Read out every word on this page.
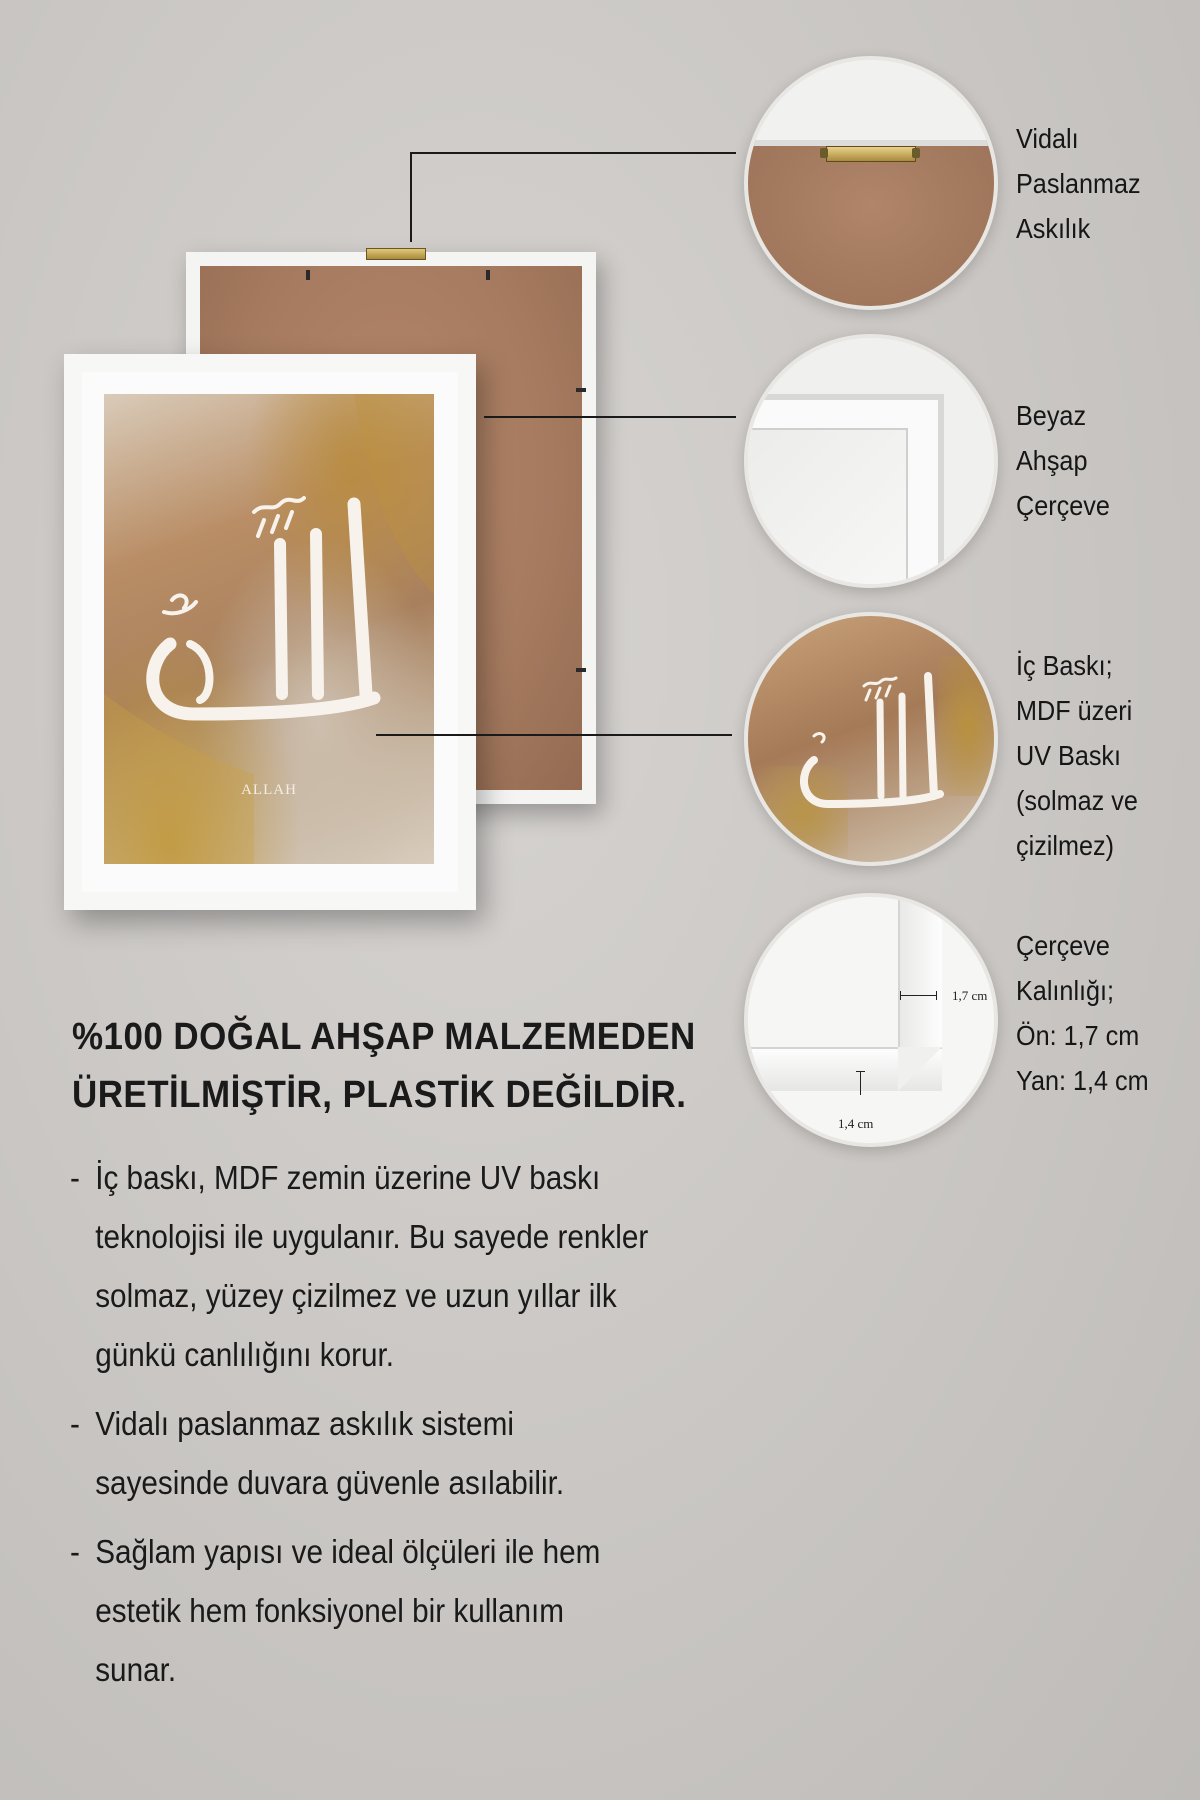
ALLAH
Vidalı
Paslanmaz
Askılık
Beyaz
Ahşap
Çerçeve
İç Baskı;
MDF üzeri
UV Baskı
(solmaz ve
çizilmez)
1,7 cm
1,4 cm
Çerçeve
Kalınlığı;
Ön: 1,7 cm
Yan: 1,4 cm
%100 DOĞAL AHŞAP MALZEMEDEN
ÜRETİLMİŞTİR, PLASTİK DEĞİLDİR.
- İç baskı, MDF zemin üzerine UV baskı
teknolojisi ile uygulanır. Bu sayede renkler
solmaz, yüzey çizilmez ve uzun yıllar ilk
günkü canlılığını korur.
- Vidalı paslanmaz askılık sistemi
sayesinde duvara güvenle asılabilir.
- Sağlam yapısı ve ideal ölçüleri ile hem
estetik hem fonksiyonel bir kullanım
sunar.
